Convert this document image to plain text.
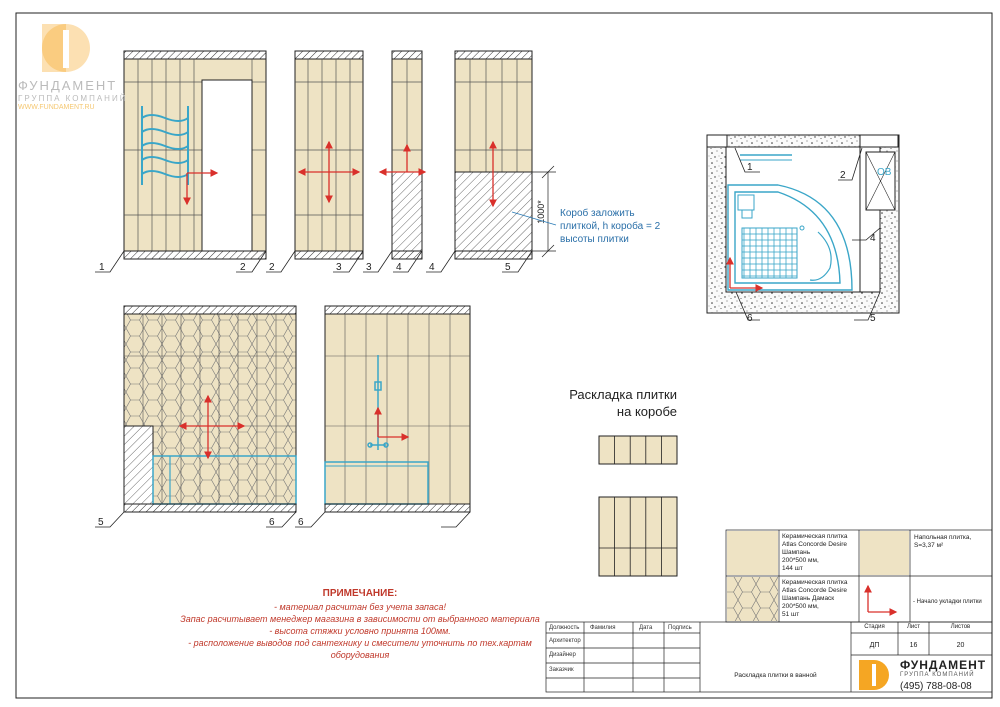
1000*
ОВ
ФУНДАМЕНТ
ГРУППА КОМПАНИЙ
WWW.FUNDAMENT.RU
1	2 2	3 3 4	4	5
5	6 6
1
2
4
5
6
Короб заложить
плиткой, h короба = 2
высоты плитки
Раскладка плитки
на коробе
ПРИМЕЧАНИЕ:
- материал расчитан без учета запаса!
Запас расчитывает менеджер магазина в зависимости от выбранного материала
- высота стяжки условно принята 100мм.
- расположение выводов под сантехнику и смесители уточнить по тех.картам
оборудования
Керамическая плитка
Atlas Concorde Desire
Шампань
200*500 мм,
144 шт
Керамическая плитка
Atlas Concorde Desire
Шампань Дамаск
200*500 мм,
51 шт
Напольная плитка,
S=3,37 м²
- Начало укладки плитки
Должность Фамилия	Дата	Подпись
Архитектор
Дизайнер
Заказчик
Раскладка плитки в ванной
Стадия	Лист	Листов
ДП	16	20
ФУНДАМЕНТ
ГРУППА КОМПАНИЙ
(495) 788-08-08
